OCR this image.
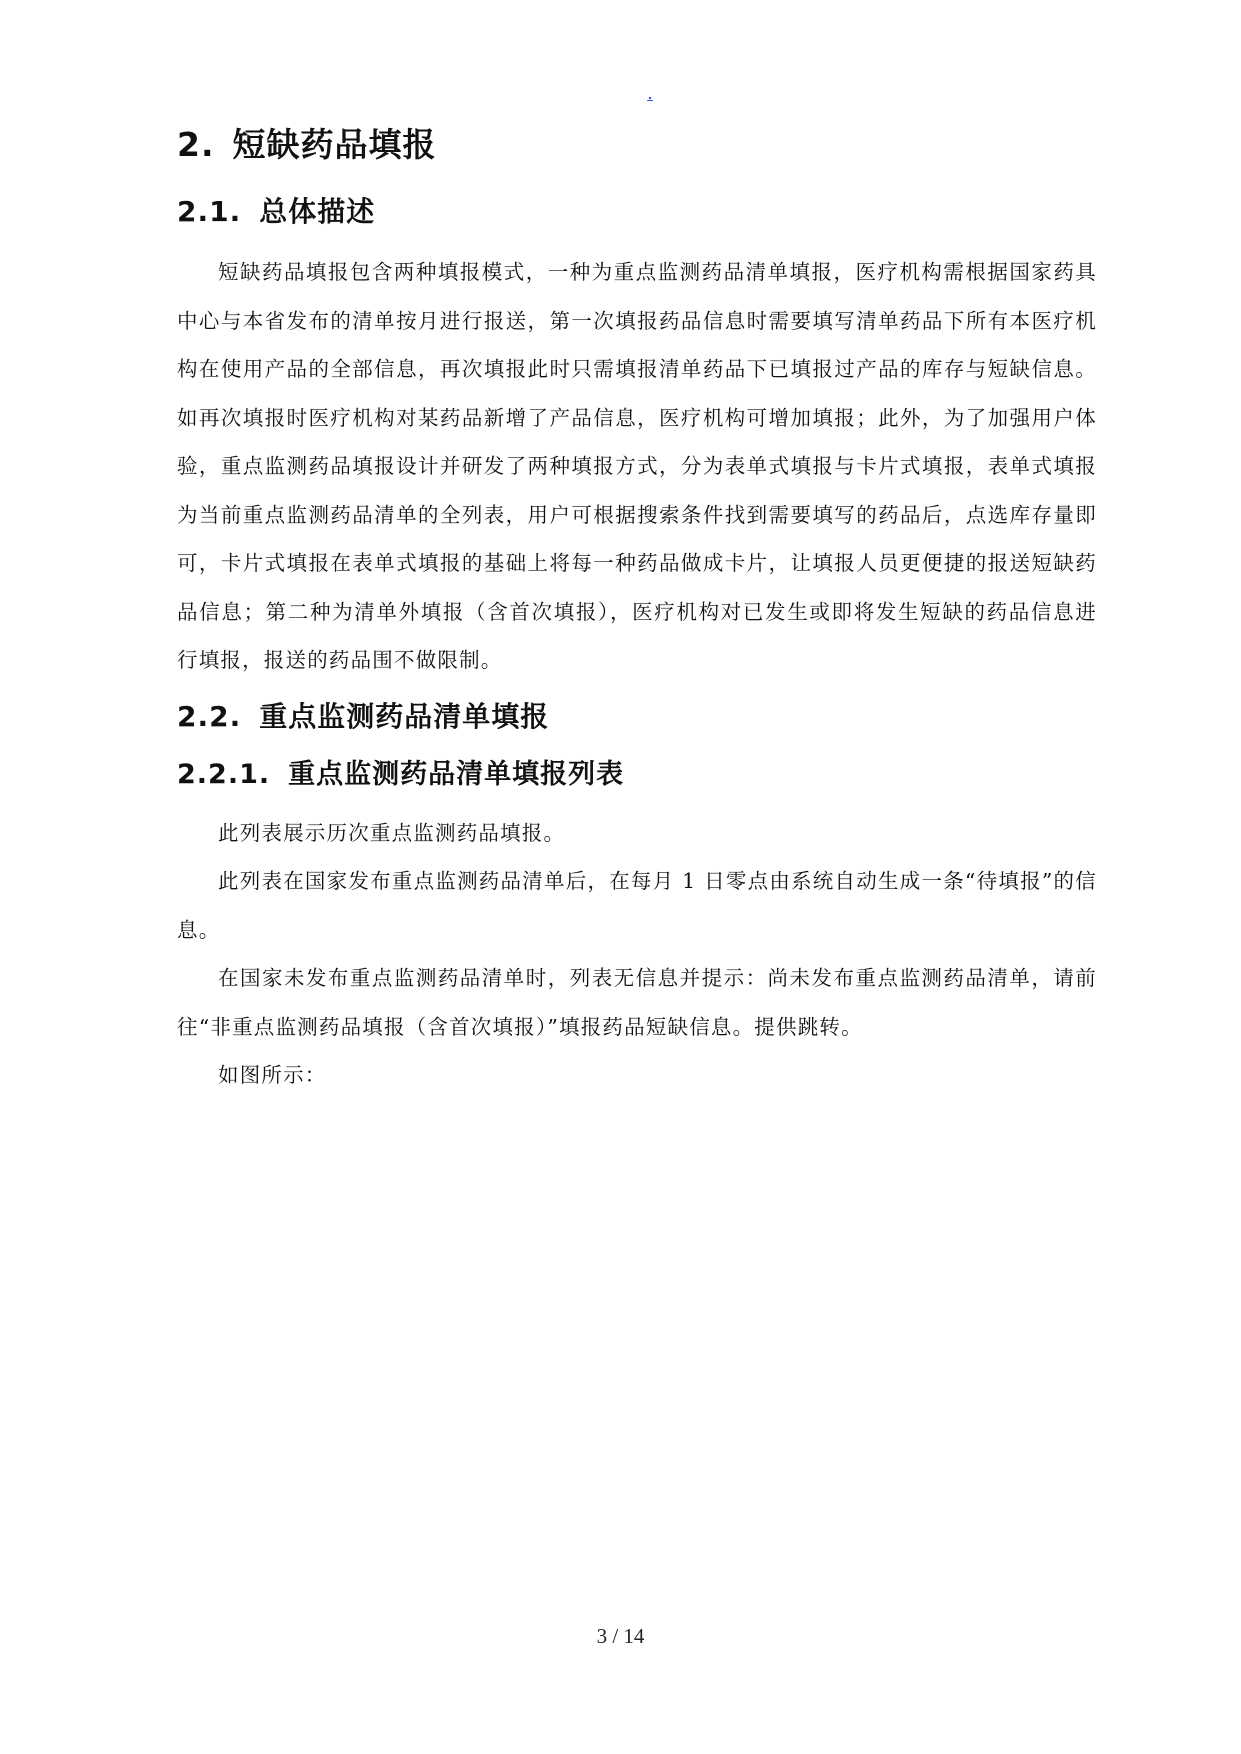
.
2. 短缺药品填报
2.1. 总体描述

短缺药品填报包含两种填报模式，一种为重点监测药品清单填报，医疗机构需根据国家药具中心与本省发布的清单按月进行报送，第一次填报药品信息时需要填写清单药品下所有本医疗机构在使用产品的全部信息，再次填报此时只需填报清单药品下已填报过产品的库存与短缺信息。如再次填报时医疗机构对某药品新增了产品信息，医疗机构可增加填报；此外，为了加强用户体验，重点监测药品填报设计并研发了两种填报方式，分为表单式填报与卡片式填报，表单式填报为当前重点监测药品清单的全列表，用户可根据搜索条件找到需要填写的药品后，点选库存量即可，卡片式填报在表单式填报的基础上将每一种药品做成卡片，让填报人员更便捷的报送短缺药品信息；第二种为清单外填报（含首次填报），医疗机构对已发生或即将发生短缺的药品信息进行填报，报送的药品围不做限制。

2.2. 重点监测药品清单填报
2.2.1. 重点监测药品清单填报列表

此列表展示历次重点监测药品填报。

此列表在国家发布重点监测药品清单后，在每月 1 日零点由系统自动生成一条“待填报”的信息。

在国家未发布重点监测药品清单时，列表无信息并提示：尚未发布重点监测药品清单，请前往“非重点监测药品填报（含首次填报）”填报药品短缺信息。提供跳转。

如图所示：

3 / 14
